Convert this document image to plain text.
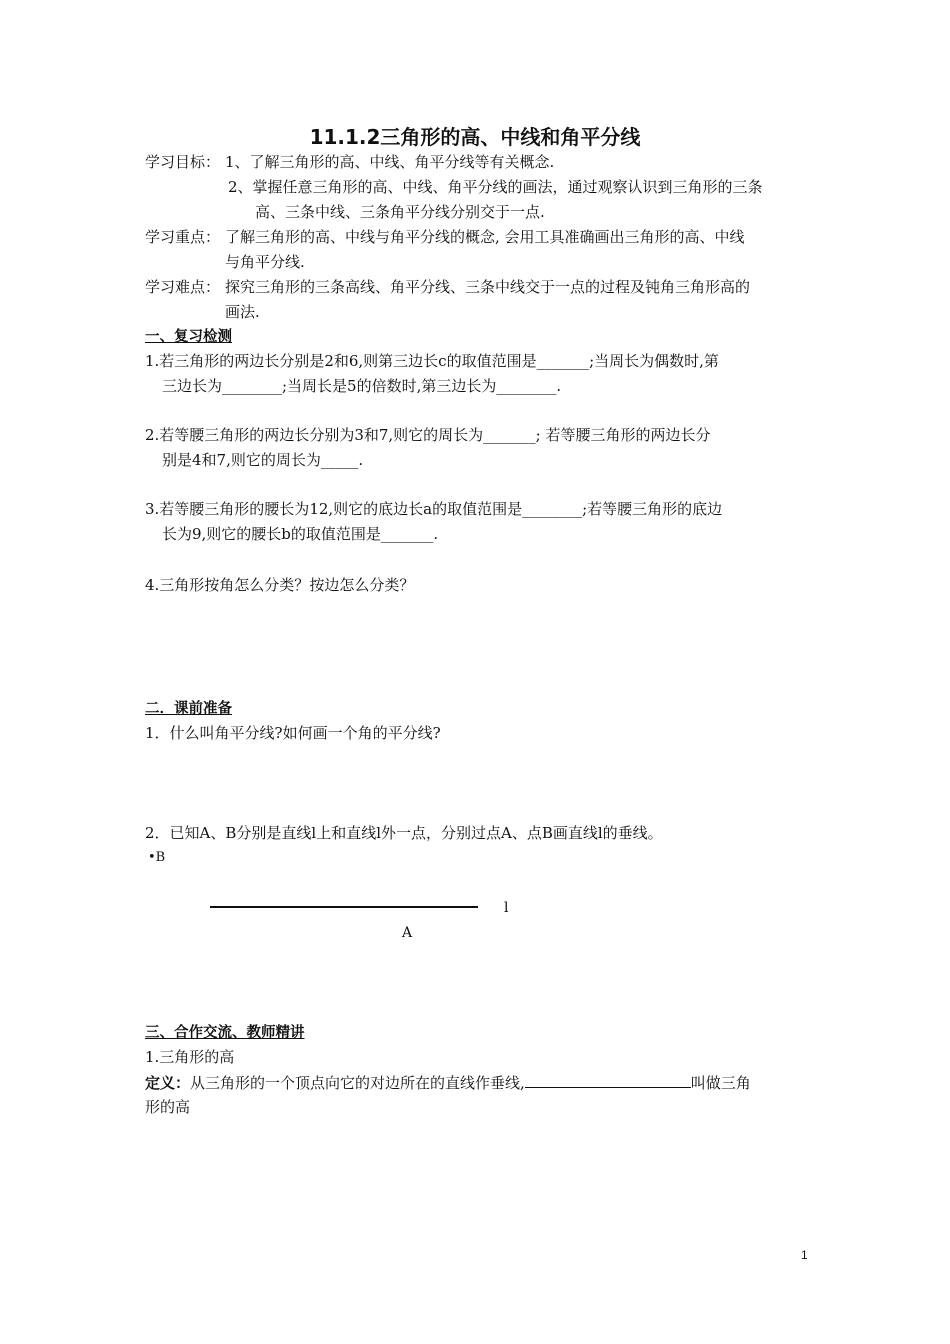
11.1.2三角形的高、中线和角平分线
学习目标： 1、了解三角形的高、中线、角平分线等有关概念.
2、掌握任意三角形的高、中线、角平分线的画法，通过观察认识到三角形的三条
高、三条中线、三条角平分线分别交于一点.
学习重点： 了解三角形的高、中线与角平分线的概念, 会用工具准确画出三角形的高、中线
与角平分线.
学习难点： 探究三角形的三条高线、角平分线、三条中线交于一点的过程及钝角三角形高的
画法.
一、复习检测
1.若三角形的两边长分别是2和6,则第三边长c的取值范围是_______;当周长为偶数时,第
三边长为________;当周长是5的倍数时,第三边长为________.
2.若等腰三角形的两边长分别为3和7,则它的周长为_______; 若等腰三角形的两边长分
别是4和7,则它的周长为_____.
3.若等腰三角形的腰长为12,则它的底边长a的取值范围是________;若等腰三角形的底边
长为9,则它的腰长b的取值范围是_______.
4.三角形按角怎么分类？按边怎么分类？
二．课前准备
1．什么叫角平分线?如何画一个角的平分线?
2．已知A、B分别是直线l上和直线l外一点，分别过点A、点B画直线l的垂线。
•B
l
A
三、合作交流、教师精讲
1.三角形的高
定义：从三角形的一个顶点向它的对边所在的直线作垂线,	叫做三角
形的高
1
